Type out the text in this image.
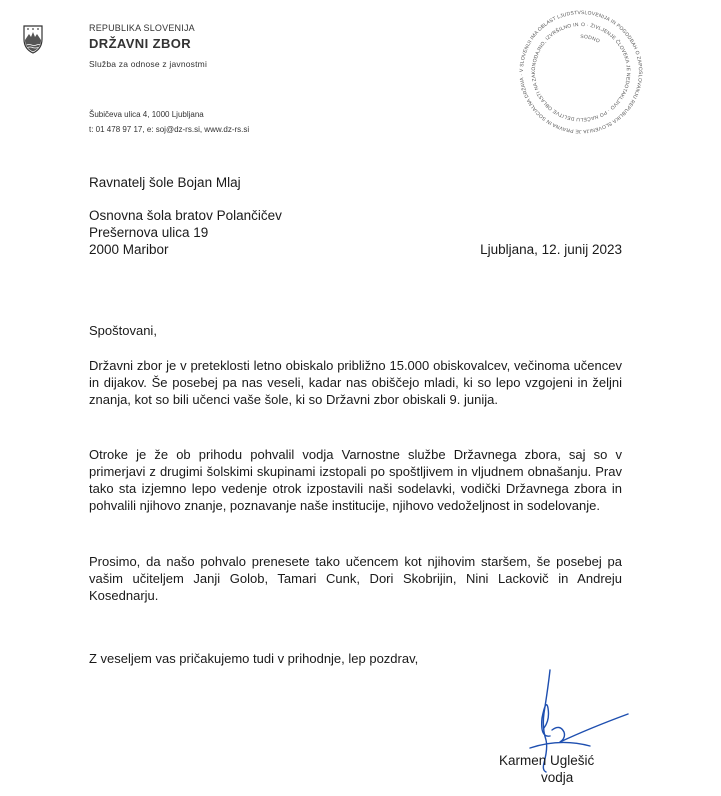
REPUBLIKA SLOVENIJA
DRŽAVNI ZBOR
Služba za odnose z javnostmi
Šubičeva ulica 4, 1000 Ljubljana
t: 01 478 97 17, e: soj@dz-rs.si, www.dz-rs.si
SLOVENIJA IN POGODBAH O ZAPOSLOVANJU REPUBLIKA SLOVENIJA JE PRAVNA IN SOCIALNA DRŽAVA · V SLOVENIJI IMA OBLAST LJUDSTVO · ŽIVLJENJE ČLOVEKA JE NEDOTAKLJIVO · PO NAČELU DELITVE OBLASTI NA ZAKONODAJNO, IZVRŠILNO IN SODNO
Ravnatelj šole Bojan Mlaj
Osnovna šola bratov Polančičev
Prešernova ulica 19
2000 Maribor	Ljubljana, 12. junij 2023
Spoštovani,
Državni zbor je v preteklosti letno obiskalo približno 15.000 obiskovalcev, večinoma učencev in dijakov. Še posebej pa nas veseli, kadar nas obiščejo mladi, ki so lepo vzgojeni in željni znanja, kot so bili učenci vaše šole, ki so Državni zbor obiskali 9. junija.
Otroke je že ob prihodu pohvalil vodja Varnostne službe Državnega zbora, saj so v primerjavi z drugimi šolskimi skupinami izstopali po spoštljivem in vljudnem obnašanju. Prav tako sta izjemno lepo vedenje otrok izpostavili naši sodelavki, vodički Državnega zbora in pohvalili njihovo znanje, poznavanje naše institucije, njihovo vedoželjnost in sodelovanje.
Prosimo, da našo pohvalo prenesete tako učencem kot njihovim staršem, še posebej pa vašim učiteljem Janji Golob, Tamari Cunk, Dori Skobrijin, Nini Lackovič in Andreju Kosednarju.
Z veseljem vas pričakujemo tudi v prihodnje, lep pozdrav,
Karmen Uglešić
vodja
